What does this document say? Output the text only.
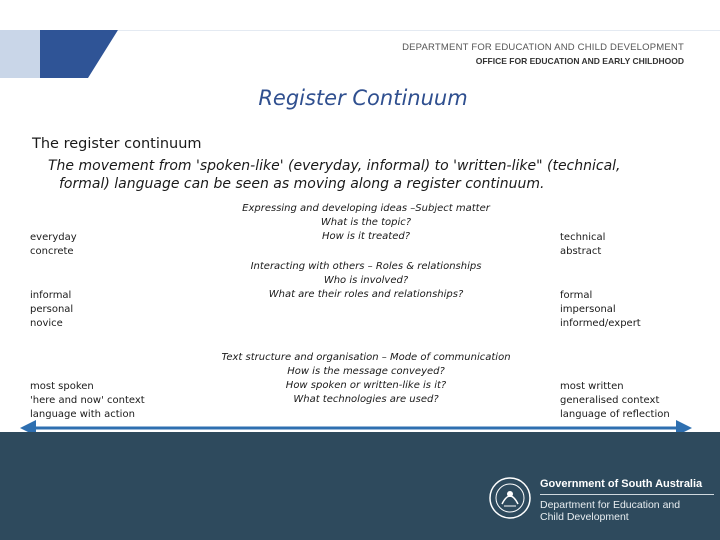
DEPARTMENT FOR EDUCATION AND CHILD DEVELOPMENT
OFFICE FOR EDUCATION AND EARLY CHILDHOOD
Register Continuum
The register continuum
The movement from 'spoken-like' (everyday, informal) to 'written-like" (technical,
formal) language can be seen as moving along a register continuum.
everyday
concrete
informal
personal
novice
most spoken
'here and now' context
language with action
Expressing and developing ideas –Subject matter
What is the topic?
How is it treated?
Interacting with others – Roles & relationships
Who is involved?
What are their roles and relationships?
Text structure and organisation – Mode of communication
How is the message conveyed?
How spoken or written-like is it?
What technologies are used?
technical
abstract
formal
impersonal
informed/expert
most written
generalised context
language of reflection
Government of South Australia
Department for Education and
Child Development
